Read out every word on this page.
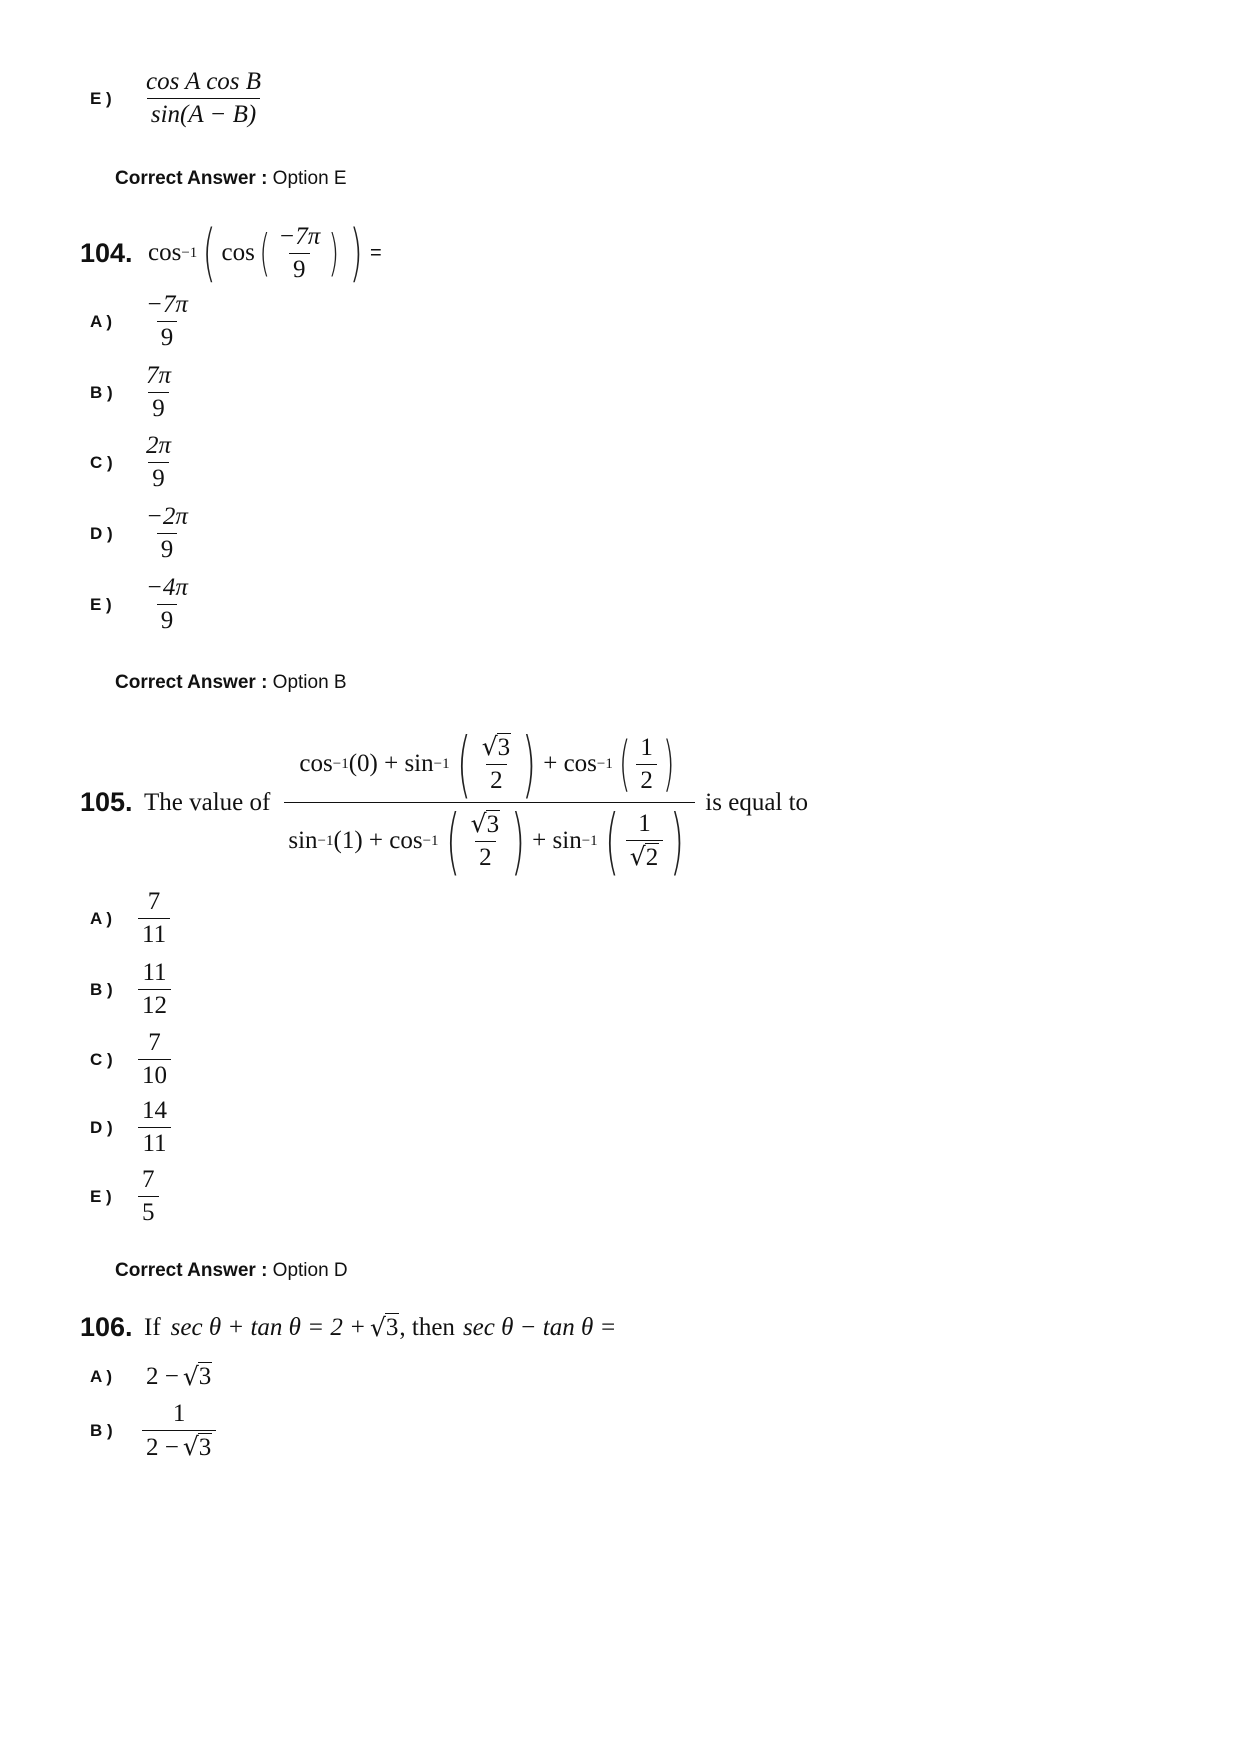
E )	$\frac{\text{cos A cos B}}{\sin(A - B)}$
Correct Answer : Option E
104. cos −1 ( cos ( $\frac{-7\pi}{9}$ ) ) =
A )	$\frac{-7\pi}{9}$
B )	$\frac{7\pi}{9}$
C )	$\frac{2\pi}{9}$
D )	$\frac{-2\pi}{9}$
E )	$\frac{-4\pi}{9}$
Correct Answer : Option B
105. The value of
cos −1 (0) + sin −1 ( $\frac{√ 3}{2}$ ) + cos −1 ( $\frac{1}{2}$ )
sin −1 (1) + cos −1 ( $\frac{√ 3}{2}$ ) + sin −1 ( $\frac{1}{√ 2}$ ) is equal to
A )	$\frac{7}{11}$
B )	$\frac{11}{12}$
C )	$\frac{7}{10}$
D )	$\frac{14}{11}$
E )	$\frac{7}{5}$
Correct Answer : Option D
106. If sec θ + tan θ = 2 + √ 3 , then sec θ − tan θ =
A )	2 − √ 3
B )	$\frac{1}{2 - √ 3}$
